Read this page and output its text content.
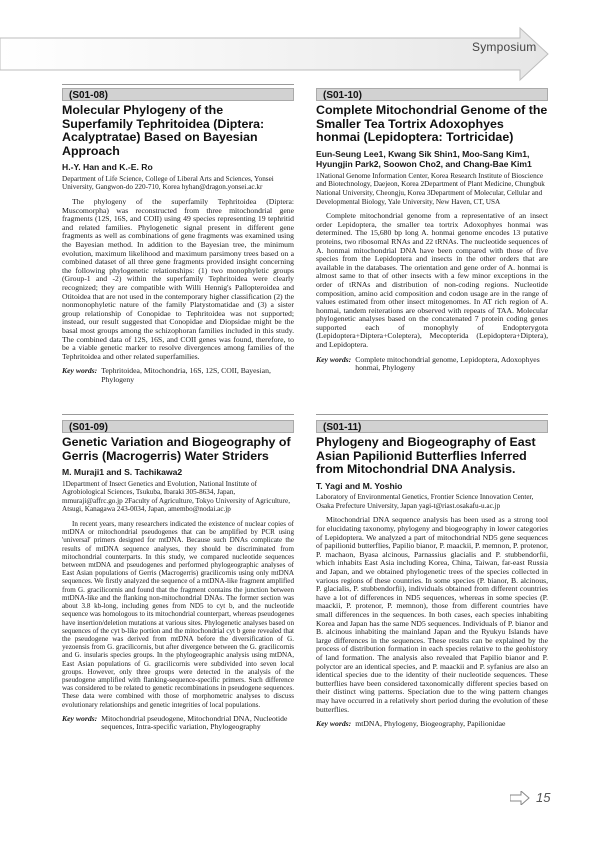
Symposium
(S01-08)
Molecular Phylogeny of the Superfamily Tephritoidea (Diptera: Acalyptratae) Based on Bayesian Approach
H.-Y. Han and K.-E. Ro
Department of Life Science, College of Liberal Arts and Sciences, Yonsei University, Gangwon-do 220-710, Korea hyhan@dragon.yonsei.ac.kr

The phylogeny of the superfamily Tephritoidea (Diptera: Muscomorpha) was reconstructed from three mitochondrial gene fragments (12S, 16S, and COII) using 49 species representing 19 tephritid and related families. Phylogenetic signal present in different gene fragments as well as combinations of gene fragments was examined using the Bayesian method. In addition to the Bayesian tree, the minimum evolution, maximum likelihood and maximum parsimony trees based on a combined dataset of all three gene fragments provided insight concerning the following phylogenetic relationships: (1) two monophyletic groups (Group-1 and -2) within the superfamily Tephritoidea were clearly recognized; they are compatible with Willi Hennig's Pallopteroidea and Otitoidea that are not used in the contemporary higher classification (2) the nonmonophyletic nature of the family Platystomatidae and (3) a sister group relationship of Conopidae to Tephritoidea was not supported; instead, our result suggested that Conopidae and Diopsidae might be the basal most groups among the schizophoran families included in this study. The combined data of 12S, 16S, and COII genes was found, therefore, to be a viable genetic marker to resolve divergences among families of the Tephritoidea and other related superfamilies.

Key words: Tephritoidea, Mitochondria, 16S, 12S, COII, Bayesian, Phylogeny
(S01-10)
Complete Mitochondrial Genome of the Smaller Tea Tortrix Adoxophyes honmai (Lepidoptera: Tortricidae)
Eun-Seung Lee1, Kwang Sik Shin1, Moo-Sang Kim1, Hyungjin Park2, Soowon Cho2, and Chang-Bae Kim1
1National Genome Information Center, Korea Research Institute of Bioscience and Biotechnology, Daejeon, Korea 2Department of Plant Medicine, Chungbuk National University, Cheongju, Korea 3Department of Molecular, Cellular and Developmental Biology, Yale University, New Haven, CT, USA

Complete mitochondrial genome from a representative of an insect order Lepidoptera, the smaller tea tortrix Adoxophyes honmai was determined. The 15,680 bp long A. honmai genome encodes 13 putative proteins, two ribosomal RNAs and 22 tRNAs. The nucleotide sequences of A. honmai mitochondrial DNA have been compared with those of five species from the Lepidoptera and insects in the other orders that are available in the databases. The orientation and gene order of A. honmai is almost same to that of other insects with a few minor exceptions in the order of tRNAs and distribution of non-coding regions. Nucleotide composition, amino acid composition and codon usage are in the range of values estimated from other insect mitogenomes. In AT rich region of A. honmai, tandem reiterations are observed with repeats of TAA. Molecular phylogenetic analyses based on the concatenated 7 protein coding genes supported each of monophyly of Endopterygota (Lepidoptera+Diptera+Coleptera), Mecopterida (Lepidoptera+Diptera), and Lepidoptera.

Key words: Complete mitochondrial genome, Lepidoptera, Adoxophyes honmai, Phylogeny
(S01-09)
Genetic Variation and Biogeography of Gerris (Macrogerris) Water Striders
M. Muraji1 and S. Tachikawa2
1Department of Insect Genetics and Evolution, National Institute of Agrobiological Sciences, Tsukuba, Ibaraki 305-8634, Japan, mmuraji@affrc.go.jp 2Faculty of Agriculture, Tokyo University of Agriculture, Atsugi, Kanagawa 243-0034, Japan, amembo@nodai.ac.jp

In recent years, many researchers indicated the existence of nuclear copies of mtDNA or mitochondrial pseudogenes that can be amplified by PCR using 'universal' primers designed for mtDNA. Because such DNAs complicate the results of mtDNA sequence analyses, they should be discriminated from mitochondrial counterparts. In this study, we compared nucleotide sequences between mtDNA and pseudogenes and performed phylogeographic analyses of East Asian populations of Gerris (Macrogerris) gracilicornis using only mtDNA sequences. We firstly analyzed the sequence of a mtDNA-like fragment amplified from G. gracilicornis and found that the fragment contains the junction between mtDNA-like and the flanking non-mitochondrial DNAs. The former section was about 3.8 kb-long, including genes from ND5 to cyt b, and the nucleotide sequence was homologous to its mitochondrial counterpart, whereas pseudogenes have insertion/deletion mutations at various sites. Phylogenetic analyses based on sequences of the cyt b-like portion and the mitochondrial cyt b gene revealed that the pseudogene was derived from mtDNA before the diversification of G. yezoensis from G. gracilicornis, but after divergence between the G. gracilicornis and G. insularis species groups. In the phylogeographic analysis using mtDNA, East Asian populations of G. gracilicornis were subdivided into seven local groups. However, only three groups were detected in the analysis of the pseudogene amplified with flanking-sequence-specific primers. Such difference was considered to be related to genetic recombinations in pseudogene sequences. These data were combined with those of morphometric analyses to discuss evolutionary relationships and genetic integrities of local populations.

Key words: Mitochondrial pseudogene, Mitochondrial DNA, Nucleotide sequences, Intra-specific variation, Phylogeography
(S01-11)
Phylogeny and Biogeography of East Asian Papilionid Butterflies Inferred from Mitochondrial DNA Analysis.
T. Yagi and M. Yoshio
Laboratory of Environmental Genetics, Frontier Science Innovation Center, Osaka Prefecture University, Japan yagi-t@riast.osakafu-u.ac.jp

Mitochondrial DNA sequence analysis has been used as a strong tool for elucidating taxonomy, phylogeny and biogeography in lower categories of Lepidoptera. We analyzed a part of mitochondrial ND5 gene sequences of papilionid butterflies, Papilio bianor, P. maackii, P. memnon, P. protenor, P. machaon, Byasa alcinous, Parnassius glacialis and P. stubbendorfii, which inhabits East Asia including Korea, China, Taiwan, far-east Russia and Japan, and we obtained phylogenetic trees of the species collected in various regions of these countries. In some species (P. bianor, B. alcinous, P. glacialis, P. stubbendorfii), individuals obtained from different countries have a lot of differences in ND5 sequences, whereas in some species (P. maackii, P. protenor, P. memnon), those from different countries have small differences in the sequences. In both cases, each species inhabiting Korea and Japan has the same ND5 sequences. Individuals of P. bianor and B. alcinous inhabiting the mainland Japan and the Ryukyu Islands have large differences in the sequences. These results can be explained by the process of distribution formation in each species relative to the geohistory of land formation. The analysis also revealed that Papilio bianor and P. polyctor are an identical species, and P. maackii and P. syfanius are also an identical species due to the identity of their nucleotide sequences. These butterflies have been considered taxonomically different species based on their distinct wing patterns. Speciation due to the wing pattern changes may have occurred in a relatively short period during the evolution of these butterflies.

Key words: mtDNA, Phylogeny, Biogeography, Papilionidae
15
